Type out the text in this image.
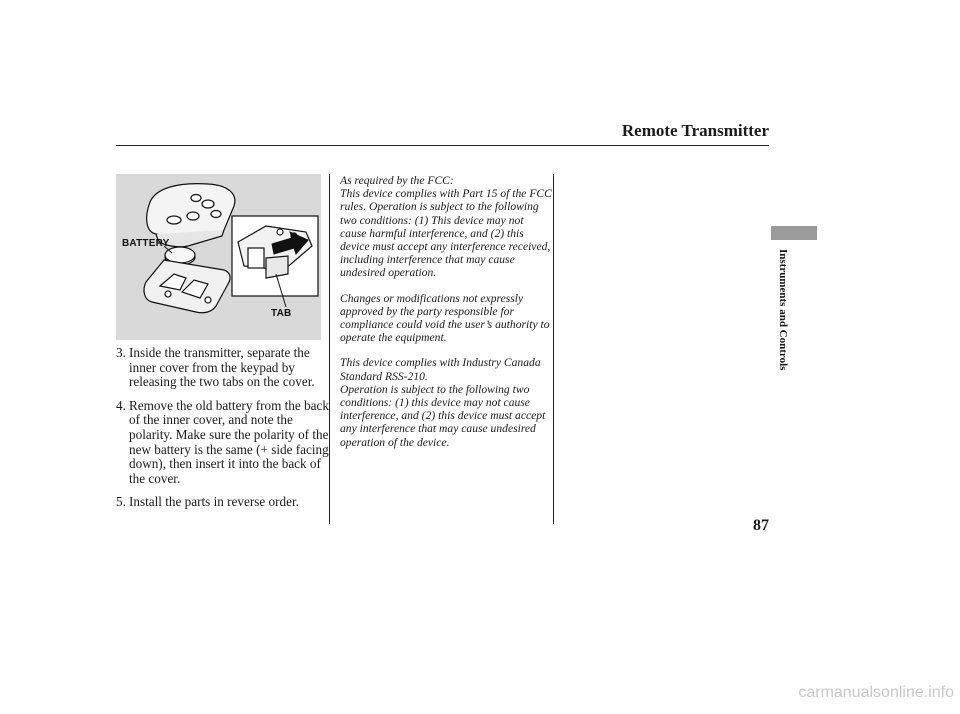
Remote Transmitter
BATTERY
TAB
3. Inside the transmitter, separate the inner cover from the keypad by releasing the two tabs on the cover.
4. Remove the old battery from the back of the inner cover, and note the polarity. Make sure the polarity of the new battery is the same (+ side facing down), then insert it into the back of the cover.
5. Install the parts in reverse order.

As required by the FCC:
This device complies with Part 15 of the FCC rules. Operation is subject to the following two conditions: (1) This device may not cause harmful interference, and (2) this device must accept any interference received, including interference that may cause undesired operation.

Changes or modifications not expressly approved by the party responsible for compliance could void the user’s authority to operate the equipment.

This device complies with Industry Canada Standard RSS-210.
Operation is subject to the following two conditions: (1) this device may not cause interference, and (2) this device must accept any interference that may cause undesired operation of the device.

Instruments and Controls
87
carmanualsonline.info
